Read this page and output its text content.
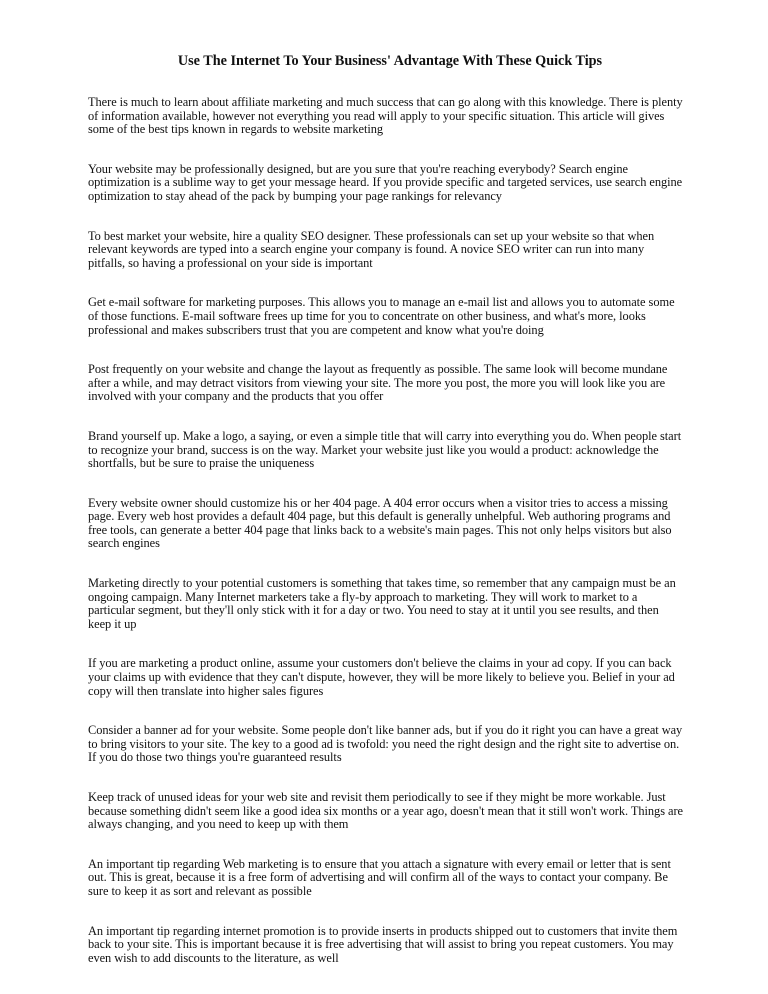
Use The Internet To Your Business' Advantage With These Quick Tips

There is much to learn about affiliate marketing and much success that can go along with this knowledge. There is plenty of information available, however not everything you read will apply to your specific situation. This article will gives some of the best tips known in regards to website marketing

Your website may be professionally designed, but are you sure that you're reaching everybody? Search engine optimization is a sublime way to get your message heard. If you provide specific and targeted services, use search engine optimization to stay ahead of the pack by bumping your page rankings for relevancy

To best market your website, hire a quality SEO designer. These professionals can set up your website so that when relevant keywords are typed into a search engine your company is found. A novice SEO writer can run into many pitfalls, so having a professional on your side is important

Get e-mail software for marketing purposes. This allows you to manage an e-mail list and allows you to automate some of those functions. E-mail software frees up time for you to concentrate on other business, and what's more, looks professional and makes subscribers trust that you are competent and know what you're doing

Post frequently on your website and change the layout as frequently as possible. The same look will become mundane after a while, and may detract visitors from viewing your site. The more you post, the more you will look like you are involved with your company and the products that you offer

Brand yourself up. Make a logo, a saying, or even a simple title that will carry into everything you do. When people start to recognize your brand, success is on the way. Market your website just like you would a product: acknowledge the shortfalls, but be sure to praise the uniqueness

Every website owner should customize his or her 404 page. A 404 error occurs when a visitor tries to access a missing page. Every web host provides a default 404 page, but this default is generally unhelpful. Web authoring programs and free tools, can generate a better 404 page that links back to a website's main pages. This not only helps visitors but also search engines

Marketing directly to your potential customers is something that takes time, so remember that any campaign must be an ongoing campaign. Many Internet marketers take a fly-by approach to marketing. They will work to market to a particular segment, but they'll only stick with it for a day or two. You need to stay at it until you see results, and then keep it up

If you are marketing a product online, assume your customers don't believe the claims in your ad copy. If you can back your claims up with evidence that they can't dispute, however, they will be more likely to believe you. Belief in your ad copy will then translate into higher sales figures

Consider a banner ad for your website. Some people don't like banner ads, but if you do it right you can have a great way to bring visitors to your site. The key to a good ad is twofold: you need the right design and the right site to advertise on. If you do those two things you're guaranteed results

Keep track of unused ideas for your web site and revisit them periodically to see if they might be more workable. Just because something didn't seem like a good idea six months or a year ago, doesn't mean that it still won't work. Things are always changing, and you need to keep up with them

An important tip regarding Web marketing is to ensure that you attach a signature with every email or letter that is sent out. This is great, because it is a free form of advertising and will confirm all of the ways to contact your company. Be sure to keep it as sort and relevant as possible

An important tip regarding internet promotion is to provide inserts in products shipped out to customers that invite them back to your site. This is important because it is free advertising that will assist to bring you repeat customers. You may even wish to add discounts to the literature, as well
